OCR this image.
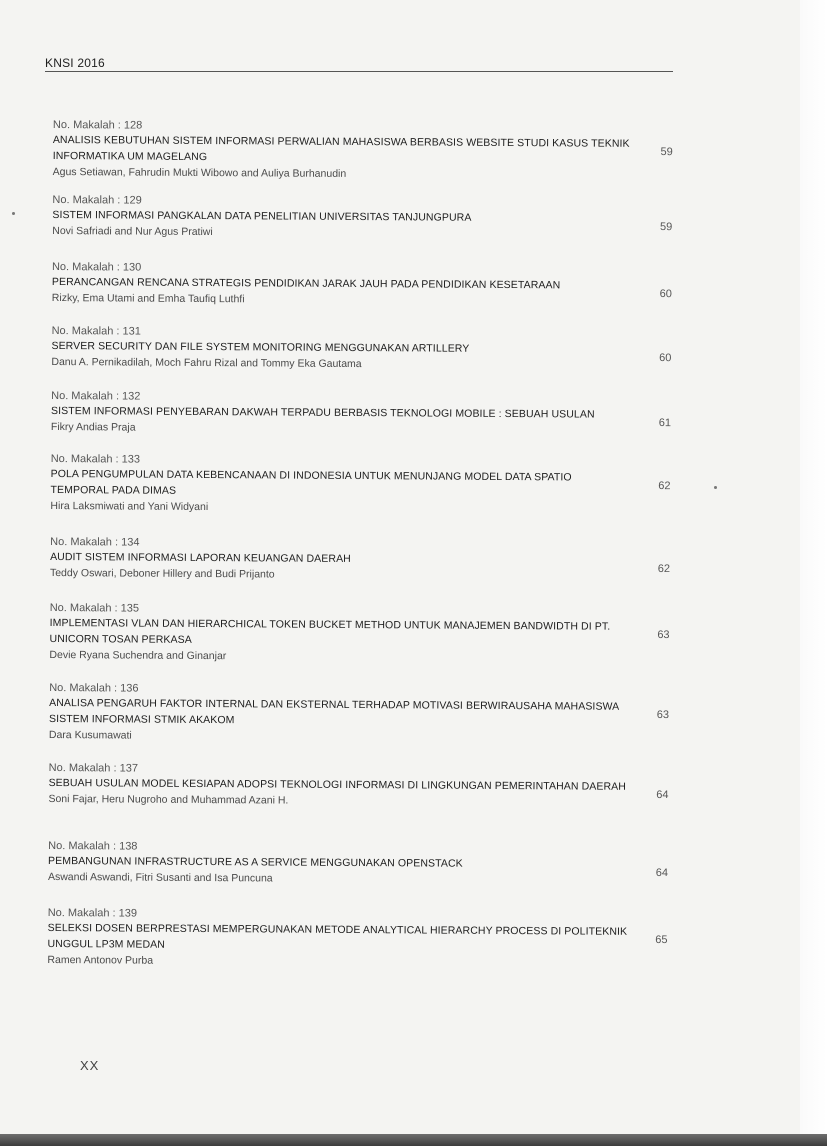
KNSI 2016
No. Makalah : 128
ANALISIS KEBUTUHAN SISTEM INFORMASI PERWALIAN MAHASISWA BERBASIS WEBSITE STUDI KASUS TEKNIK INFORMATIKA UM MAGELANG
Agus Setiawan, Fahrudin Mukti Wibowo and Auliya Burhanudin
59
No. Makalah : 129
SISTEM INFORMASI PANGKALAN DATA PENELITIAN UNIVERSITAS TANJUNGPURA
Novi Safriadi and Nur Agus Pratiwi	59
No. Makalah : 130
PERANCANGAN RENCANA STRATEGIS PENDIDIKAN JARAK JAUH PADA PENDIDIKAN KESETARAAN
Rizky, Ema Utami and Emha Taufiq Luthfi	60
No. Makalah : 131
SERVER SECURITY DAN FILE SYSTEM MONITORING MENGGUNAKAN ARTILLERY
Danu A. Pernikadilah, Moch Fahru Rizal and Tommy Eka Gautama	60
No. Makalah : 132
SISTEM INFORMASI PENYEBARAN DAKWAH TERPADU BERBASIS TEKNOLOGI MOBILE : SEBUAH USULAN
Fikry Andias Praja	61
No. Makalah : 133
POLA PENGUMPULAN DATA KEBENCANAAN DI INDONESIA UNTUK MENUNJANG MODEL DATA SPATIO TEMPORAL PADA DIMAS
Hira Laksmiwati and Yani Widyani
62
No. Makalah : 134
AUDIT SISTEM INFORMASI LAPORAN KEUANGAN DAERAH
Teddy Oswari, Deboner Hillery and Budi Prijanto	62
No. Makalah : 135
IMPLEMENTASI VLAN DAN HIERARCHICAL TOKEN BUCKET METHOD UNTUK MANAJEMEN BANDWIDTH DI PT. UNICORN TOSAN PERKASA
Devie Ryana Suchendra and Ginanjar
63
No. Makalah : 136
ANALISA PENGARUH FAKTOR INTERNAL DAN EKSTERNAL TERHADAP MOTIVASI BERWIRAUSAHA MAHASISWA SISTEM INFORMASI STMIK AKAKOM
Dara Kusumawati
63
No. Makalah : 137
SEBUAH USULAN MODEL KESIAPAN ADOPSI TEKNOLOGI INFORMASI DI LINGKUNGAN PEMERINTAHAN DAERAH
Soni Fajar, Heru Nugroho and Muhammad Azani H.	64
No. Makalah : 138
PEMBANGUNAN INFRASTRUCTURE AS A SERVICE MENGGUNAKAN OPENSTACK
Aswandi Aswandi, Fitri Susanti and Isa Puncuna	64
No. Makalah : 139
SELEKSI DOSEN BERPRESTASI MEMPERGUNAKAN METODE ANALYTICAL HIERARCHY PROCESS DI POLITEKNIK UNGGUL LP3M MEDAN
Ramen Antonov Purba
65
XX
